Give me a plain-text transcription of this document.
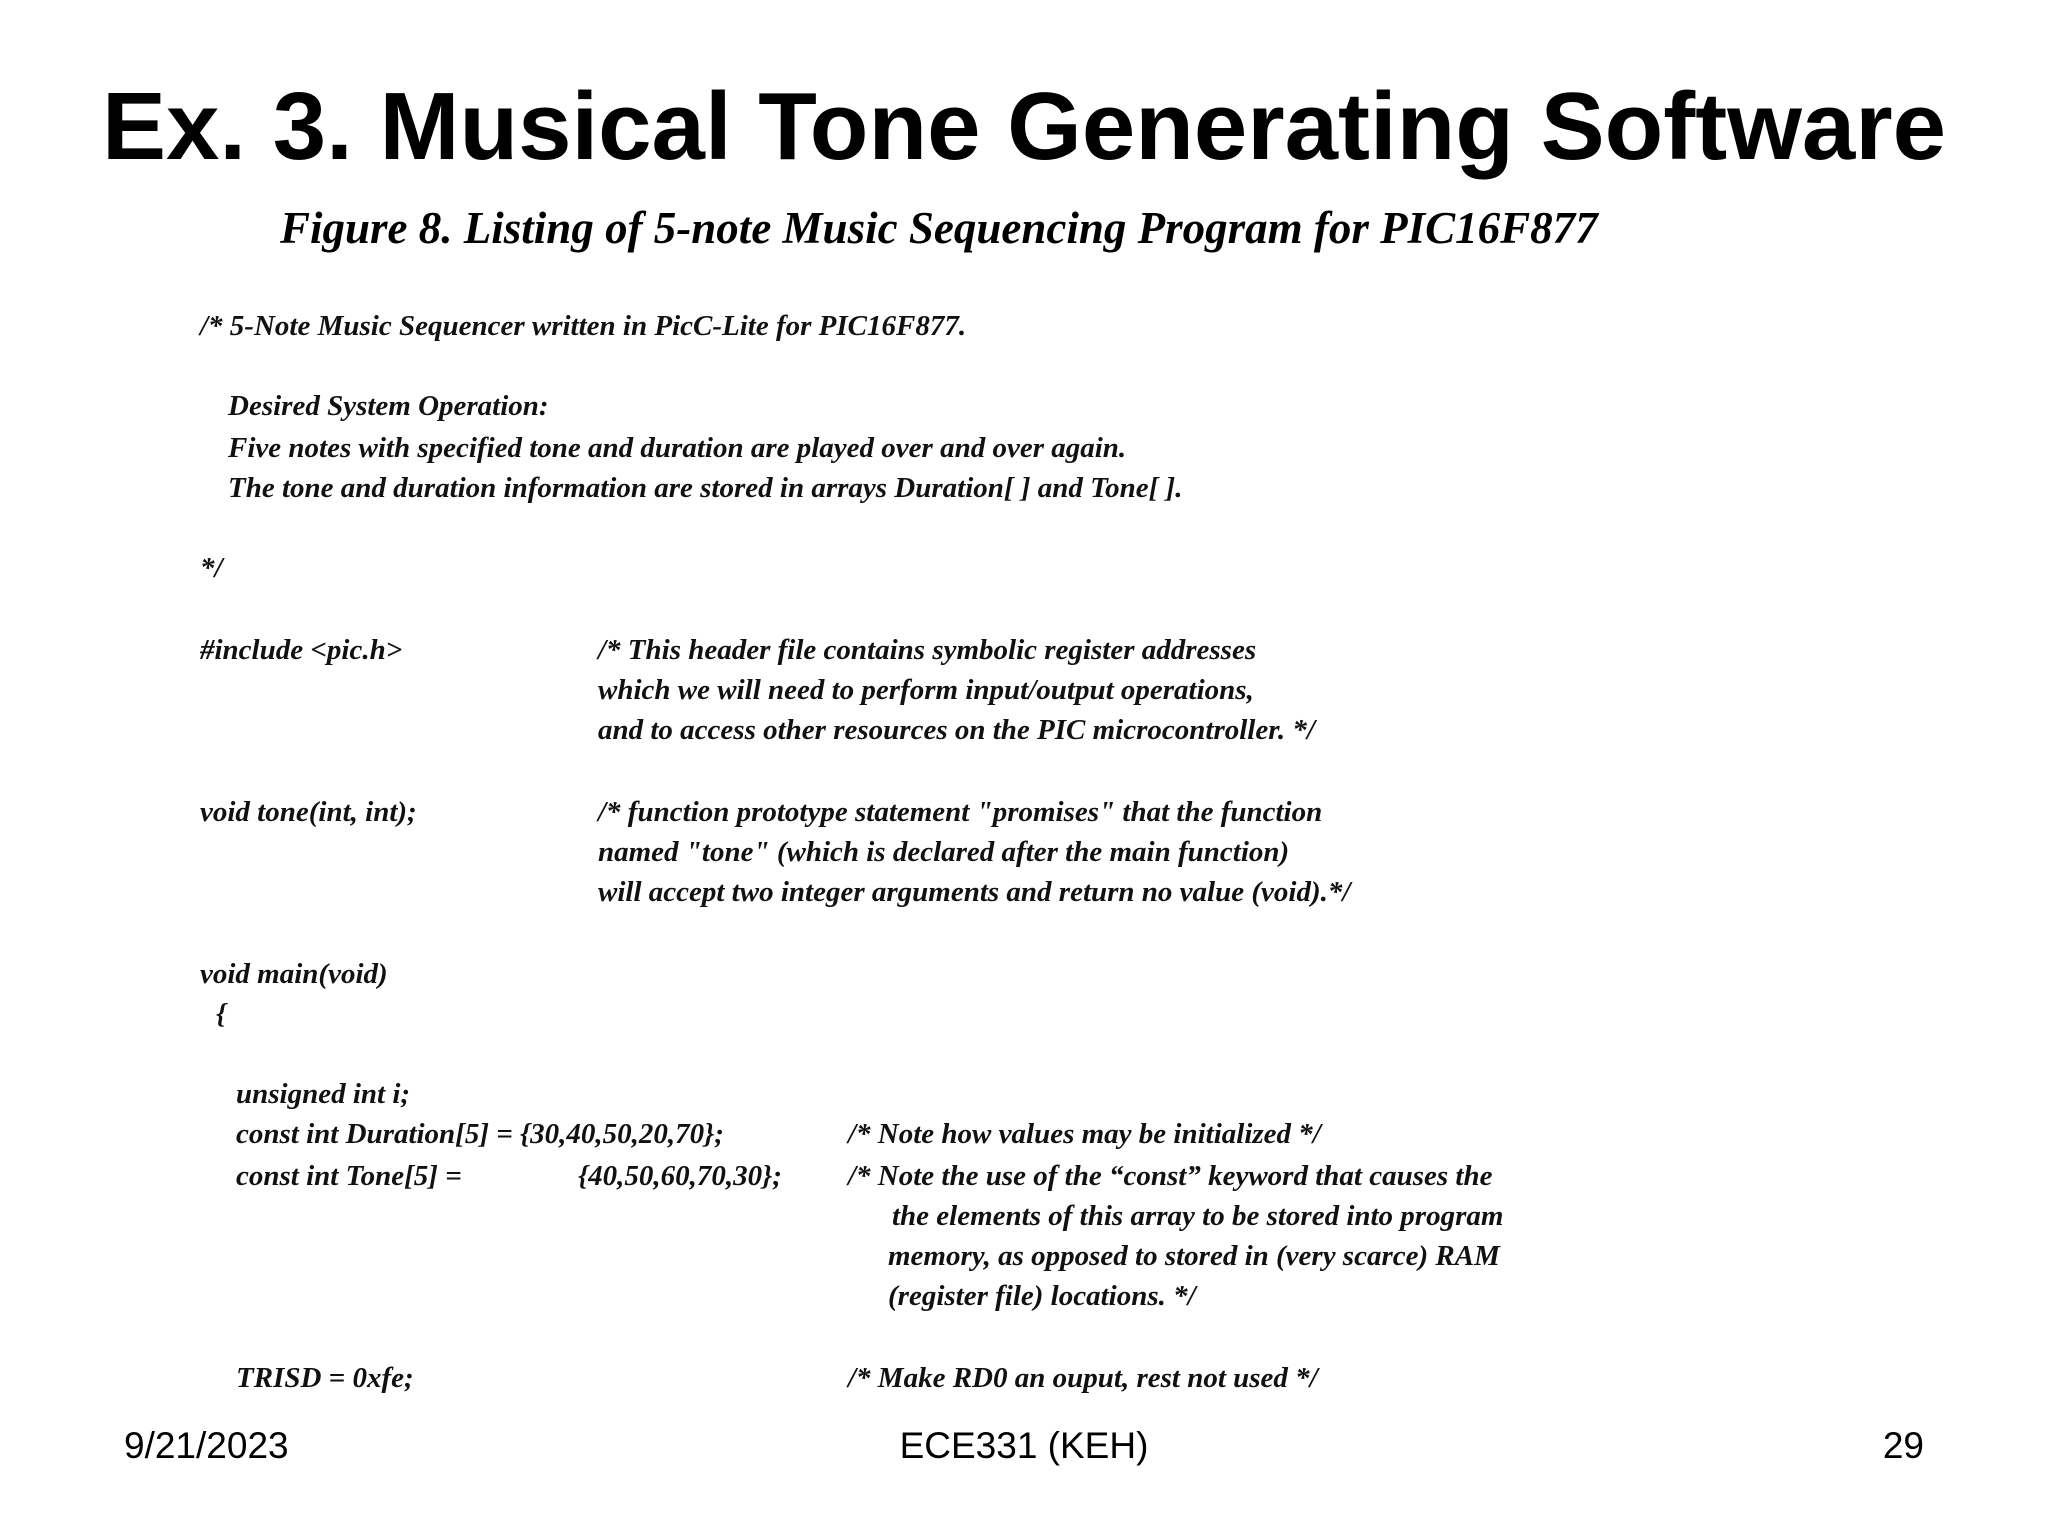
Ex. 3. Musical Tone Generating Software
Figure 8. Listing of 5-note Music Sequencing Program for PIC16F877
/* 5-Note Music Sequencer written in PicC-Lite for PIC16F877.
Desired System Operation:
Five notes with specified tone and duration are played over and over again.
The tone and duration information are stored in arrays Duration[ ] and Tone[ ].
*/
#include <pic.h>	/* This header file contains symbolic register addresses
which we will need to perform input/output operations,
and to access other resources on the PIC microcontroller. */
void tone(int, int);	/* function prototype statement "promises" that the function
named "tone" (which is declared after the main function)
will accept two integer arguments and return no value (void).*/
void main(void)
{
unsigned int i;
const int Duration[5] = {30,40,50,20,70};	/* Note how values may be initialized */
const int Tone[5] =	{40,50,60,70,30}; /* Note the use of the “const” keyword that causes the
the elements of this array to be stored into program
memory, as opposed to stored in (very scarce) RAM
(register file) locations. */
TRISD = 0xfe;	/* Make RD0 an ouput, rest not used */
9/21/2023	ECE331 (KEH)	29
